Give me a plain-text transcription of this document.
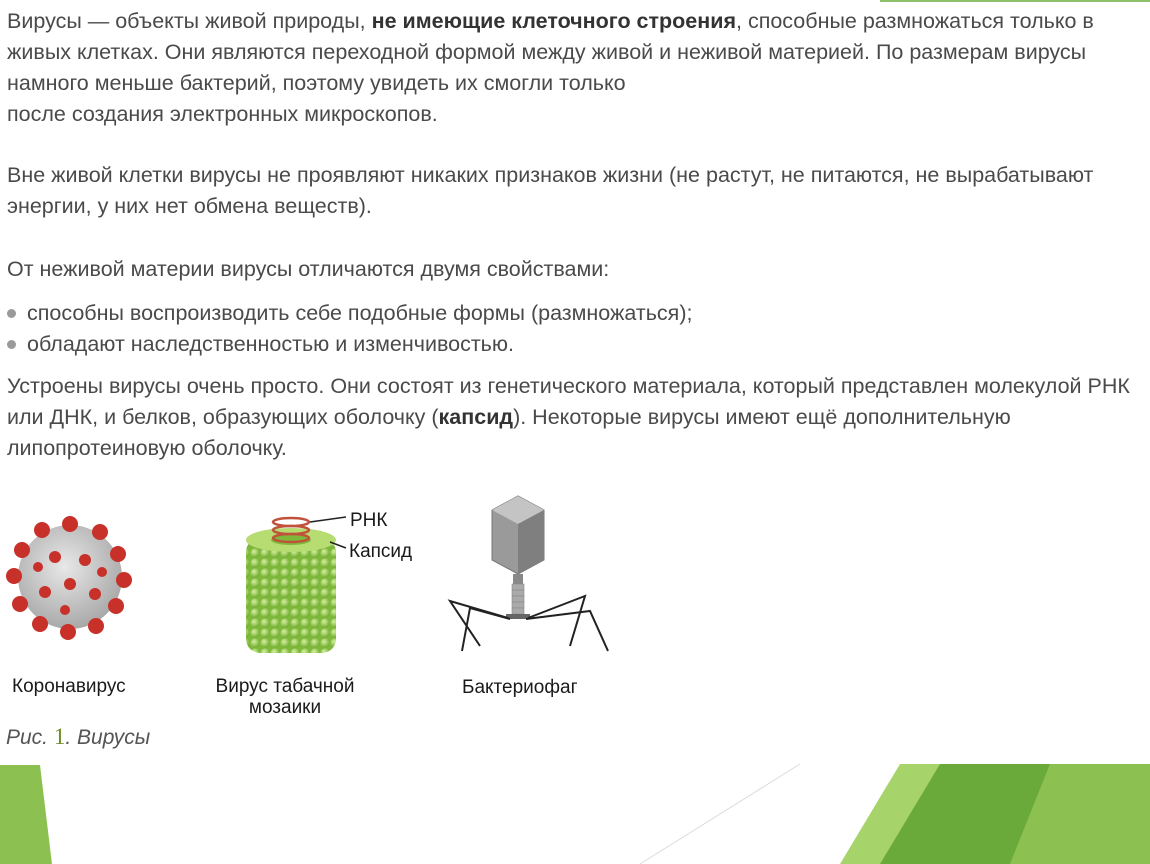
Вирусы — объекты живой природы, не имеющие клеточного строения, способные размножаться только в живых клетках. Они являются переходной формой между живой и неживой материей. По размерам вирусы намного меньше бактерий, поэтому увидеть их смогли только

после создания электронных микроскопов.

Вне живой клетки вирусы не проявляют никаких признаков жизни (не растут, не питаются, не вырабатывают энергии, у них нет обмена веществ).

От неживой материи вирусы отличаются двумя свойствами:

способны воспроизводить себе подобные формы (размножаться);
обладают наследственностью и изменчивостью.

Устроены вирусы очень просто. Они состоят из генетического материала, который представлен молекулой РНК или ДНК, и белков, образующих оболочку (капсид). Некоторые вирусы имеют ещё дополнительную липопротеиновую оболочку.

РНК
Капсид
Коронавирус	Вирус табачной
мозаики
Бактериофаг
Рис. 1. Вирусы
